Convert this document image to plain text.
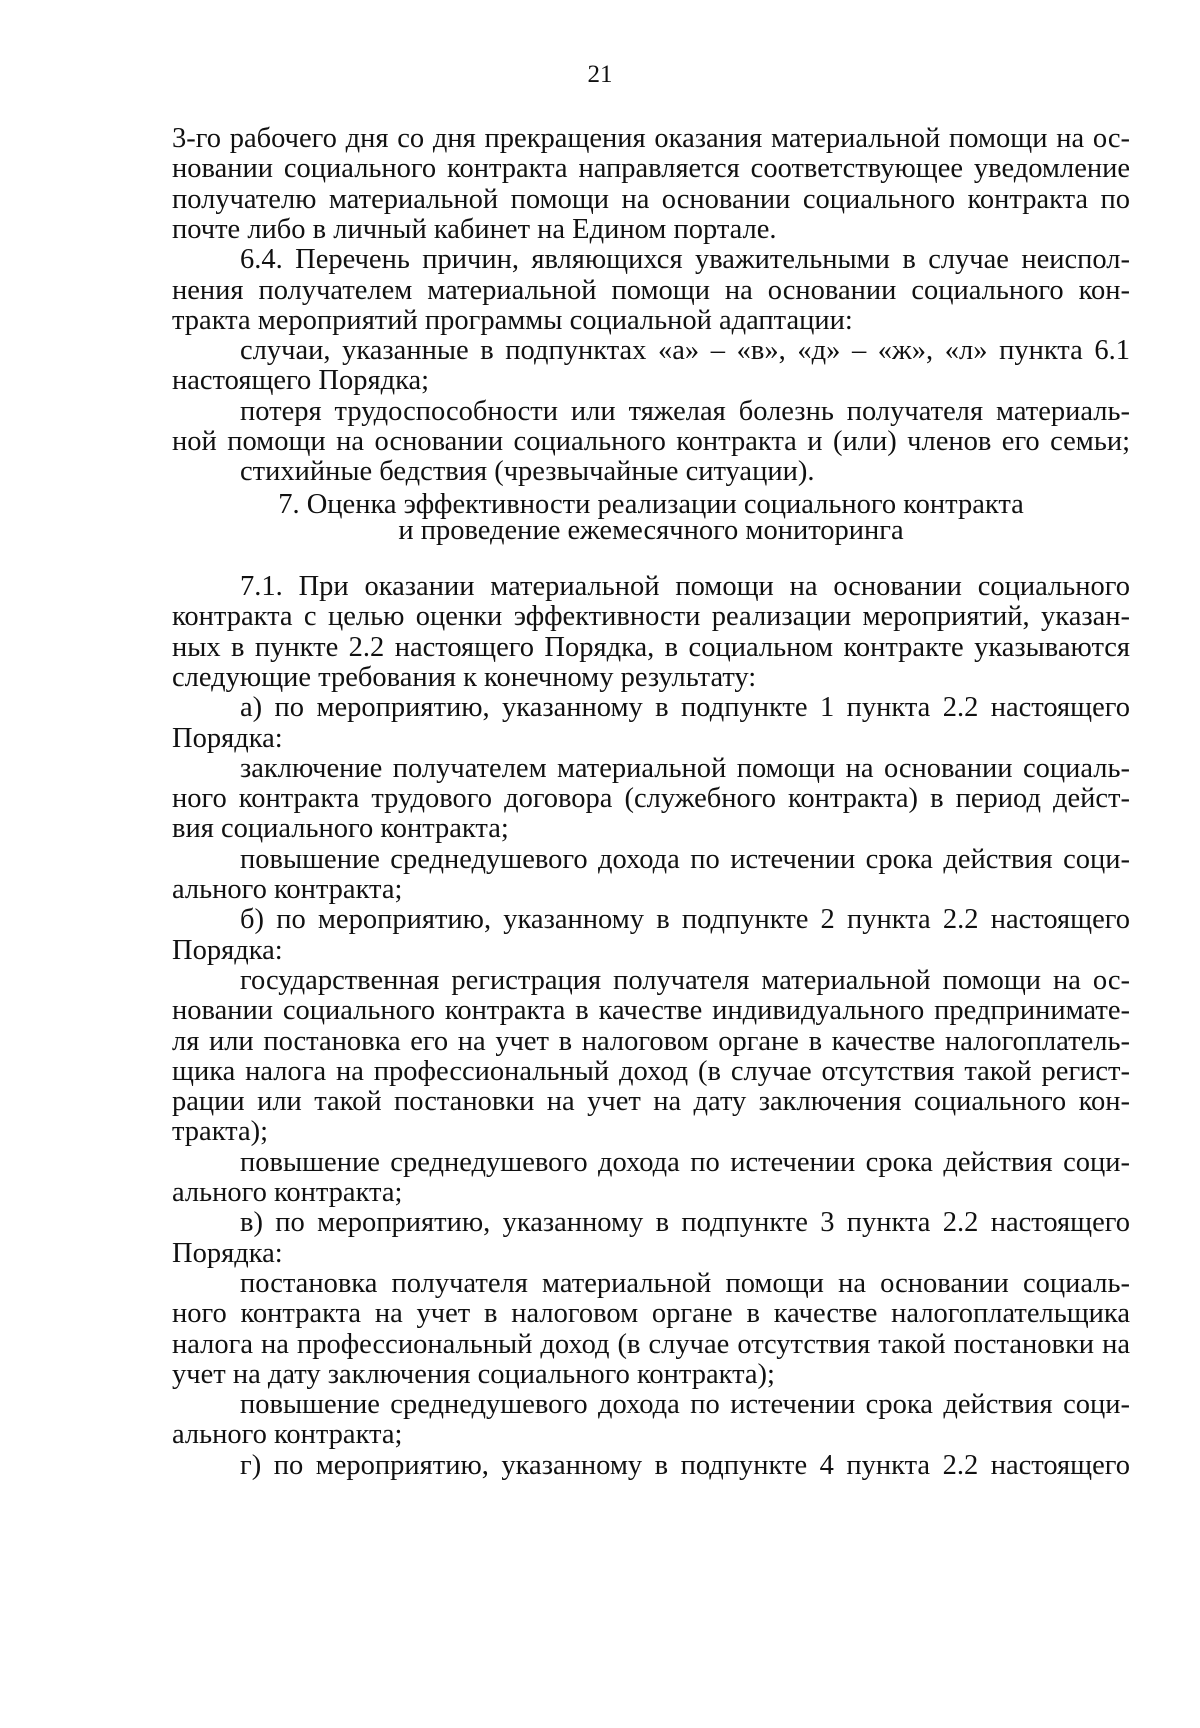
21
7. Оценка эффективности реализации социального контракта
и проведение ежемесячного мониторинга
3-го рабочего дня со дня прекращения оказания материальной помощи на ос-
новании социального контракта направляется соответствующее уведомление
получателю материальной помощи на основании социального контракта по
почте либо в личный кабинет на Едином портале.
6.4. Перечень причин, являющихся уважительными в случае неиспол-
нения получателем материальной помощи на основании социального кон-
тракта мероприятий программы социальной адаптации:
случаи, указанные в подпунктах «а» – «в», «д» – «ж», «л» пункта 6.1
настоящего Порядка;
потеря трудоспособности или тяжелая болезнь получателя материаль-
ной помощи на основании социального контракта и (или) членов его семьи;
стихийные бедствия (чрезвычайные ситуации).
7.1. При оказании материальной помощи на основании социального
контракта с целью оценки эффективности реализации мероприятий, указан-
ных в пункте 2.2 настоящего Порядка, в социальном контракте указываются
следующие требования к конечному результату:
а) по мероприятию, указанному в подпункте 1 пункта 2.2 настоящего
Порядка:
заключение получателем материальной помощи на основании социаль-
ного контракта трудового договора (служебного контракта) в период дейст-
вия социального контракта;
повышение среднедушевого дохода по истечении срока действия соци-
ального контракта;
б) по мероприятию, указанному в подпункте 2 пункта 2.2 настоящего
Порядка:
государственная регистрация получателя материальной помощи на ос-
новании социального контракта в качестве индивидуального предпринимате-
ля или постановка его на учет в налоговом органе в качестве налогоплатель-
щика налога на профессиональный доход (в случае отсутствия такой регист-
рации или такой постановки на учет на дату заключения социального кон-
тракта);
повышение среднедушевого дохода по истечении срока действия соци-
ального контракта;
в) по мероприятию, указанному в подпункте 3 пункта 2.2 настоящего
Порядка:
постановка получателя материальной помощи на основании социаль-
ного контракта на учет в налоговом органе в качестве налогоплательщика
налога на профессиональный доход (в случае отсутствия такой постановки на
учет на дату заключения социального контракта);
повышение среднедушевого дохода по истечении срока действия соци-
ального контракта;
г) по мероприятию, указанному в подпункте 4 пункта 2.2 настоящего
